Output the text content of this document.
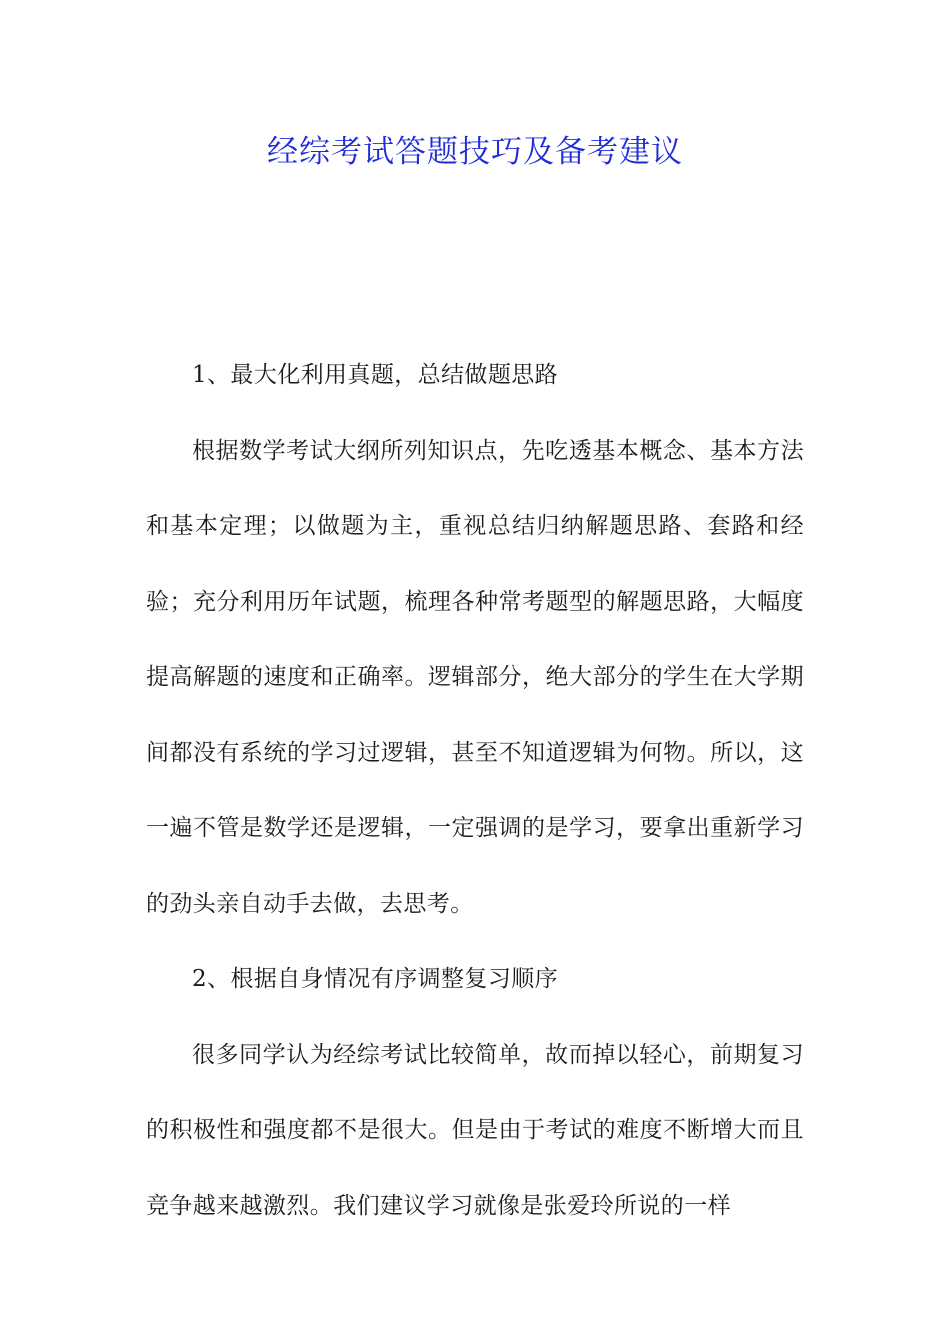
经综考试答题技巧及备考建议

1、最大化利用真题，总结做题思路

根据数学考试大纲所列知识点，先吃透基本概念、基本方法和基本定理；以做题为主，重视总结归纳解题思路、套路和经验；充分利用历年试题，梳理各种常考题型的解题思路，大幅度提高解题的速度和正确率。逻辑部分，绝大部分的学生在大学期间都没有系统的学习过逻辑，甚至不知道逻辑为何物。所以，这一遍不管是数学还是逻辑，一定强调的是学习，要拿出重新学习的劲头亲自动手去做，去思考。

2、根据自身情况有序调整复习顺序

很多同学认为经综考试比较简单，故而掉以轻心，前期复习的积极性和强度都不是很大。但是由于考试的难度不断增大而且竞争越来越激烈。我们建议学习就像是张爱玲所说的一样
